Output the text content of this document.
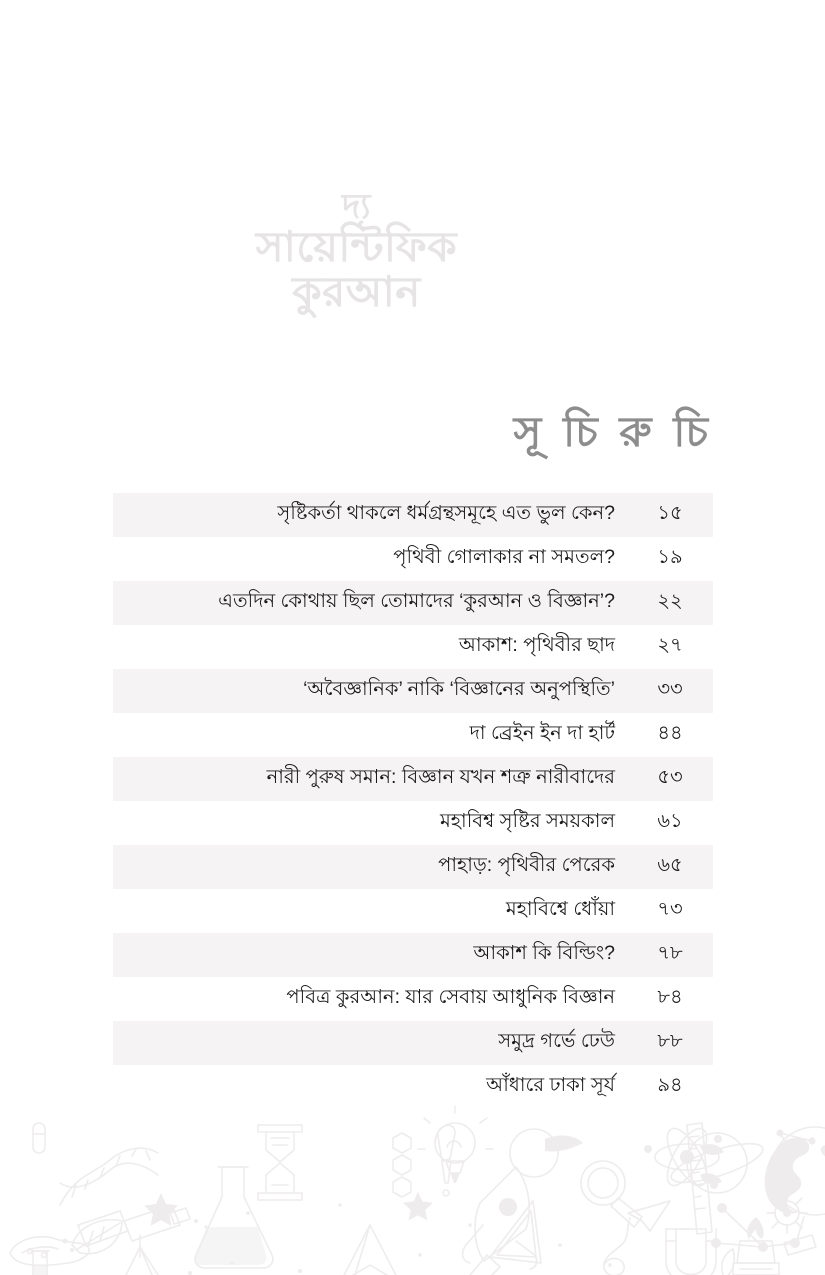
দ্য
সায়েন্টিফিক
কুরআন
সূ চি রু চি
সৃষ্টিকর্তা থাকলে ধর্মগ্রন্থসমূহে এত ভুল কেন?	১৫
পৃথিবী গোলাকার না সমতল?	১৯
এতদিন কোথায় ছিল তোমাদের ‘কুরআন ও বিজ্ঞান’?	২২
আকাশ: পৃথিবীর ছাদ	২৭
‘অবৈজ্ঞানিক’ নাকি ‘বিজ্ঞানের অনুপস্থিতি’	৩৩
দা ব্রেইন ইন দা হার্ট	৪৪
নারী পুরুষ সমান: বিজ্ঞান যখন শত্রু নারীবাদের	৫৩
মহাবিশ্ব সৃষ্টির সময়কাল	৬১
পাহাড়: পৃথিবীর পেরেক	৬৫
মহাবিশ্বে ধোঁয়া	৭৩
আকাশ কি বিল্ডিং?	৭৮
পবিত্র কুরআন: যার সেবায় আধুনিক বিজ্ঞান	৮৪
সমুদ্র গর্ভে ঢেউ	৮৮
আঁধারে ঢাকা সূর্য	৯৪
